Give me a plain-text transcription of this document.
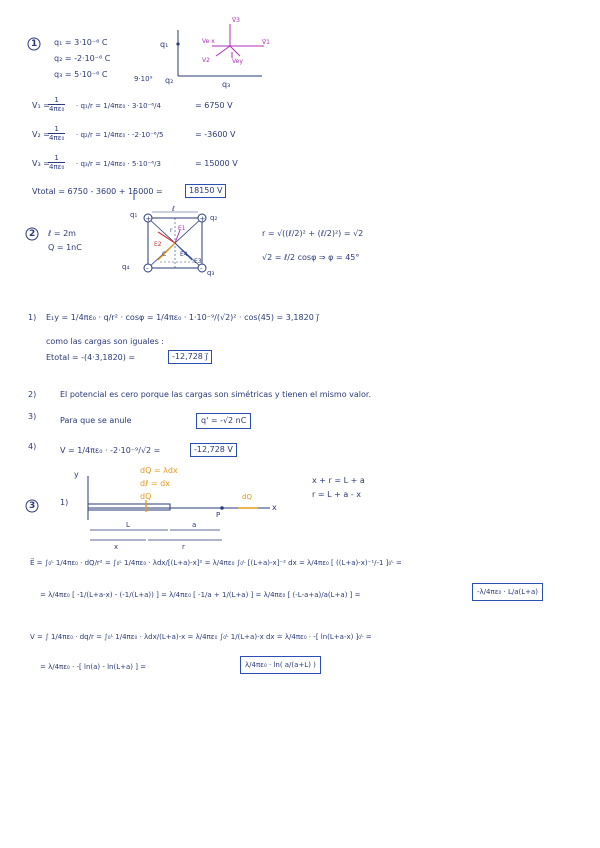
+	+
-	-
1 q₁ = 3·10⁻⁶ C
q₂ = -2·10⁻⁶ C
q₃ = 5·10⁻⁶ C	9·10⁹
q₁
q₂	q₃
V⃗3
Ve x	V⃗1
V2	Vey
V₁ =
$\frac{1}{\text{4πε₀}} \cdot q_1/r = 1/4\pi\varepsilon_0 \cdot 3\cdot 10^{-6}/4$	= 6750 V
V₂ =
$\frac{1}{\text{4πε₀}} \cdot q_2/r = 1/4\pi\varepsilon_0 \cdot -2\cdot 10^{-6}/5$	= -3600 V
V₃ =
$\frac{1}{\text{4πε₀}} \cdot q_3/r = 1/4\pi\varepsilon_0 \cdot 5\cdot 10^{-6}/3$	= 15000 V
Vtotal = 6750 - 3600 + 15000 =	18150 V
2 ℓ = 2m
Q = 1nC
q₁	q₂
q₃
q₄
ℓ
r E1
E2
E3
E4
C
r = √((ℓ/2)² + (ℓ/2)²) = √2
√2 = ℓ/2 cosφ ⇒ φ = 45°
1) E₁y = 1/4πε₀ · q/r² · cosφ = 1/4πε₀ · 1·10⁻⁹/(√2)² · cos(45) = 3,1820 j⃗
como las cargas son iguales :
Etotal = -(4·3,1820) =	-12,728 j⃗
2)	El potencial es cero porque las cargas son simétricas y tienen el mismo valor.
3)	Para que se anule	q' = -√2 nC
4)	V = 1/4πε₀ · -2·10⁻⁹/√2 =	-12,728 V
3	1)
dQ = λdx
dℓ = dx
dQ	dQ
y
x
L	a
x	r
P
x + r = L + a
r = L + a - x
E⃗ = ∫₀ᴸ 1/4πε₀ · dQ/r² = ∫₀ᴸ 1/4πε₀ · λdx/[(L+a)-x]² = λ/4πε₀ ∫₀ᴸ [(L+a)-x]⁻² dx = λ/4πε₀ [ ((L+a)-x)⁻¹/-1 ]₀ᴸ =
= λ/4πε₀ [ -1/(L+a-x) - (-1/(L+a)) ] = λ/4πε₀ [ -1/a + 1/(L+a) ] = λ/4πε₀ [ (-L-a+a)/a(L+a) ] =	-λ/4πε₀ · L/a(L+a)
V = ∫ 1/4πε₀ · dq/r = ∫₀ᴸ 1/4πε₀ · λdx/(L+a)-x = λ/4πε₀ ∫₀ᴸ 1/(L+a)-x dx = λ/4πε₀ · -[ ln(L+a-x) ]₀ᴸ =
= λ/4πε₀ · -[ ln(a) - ln(L+a) ] =	λ/4πε₀ · ln( a/(a+L) )
